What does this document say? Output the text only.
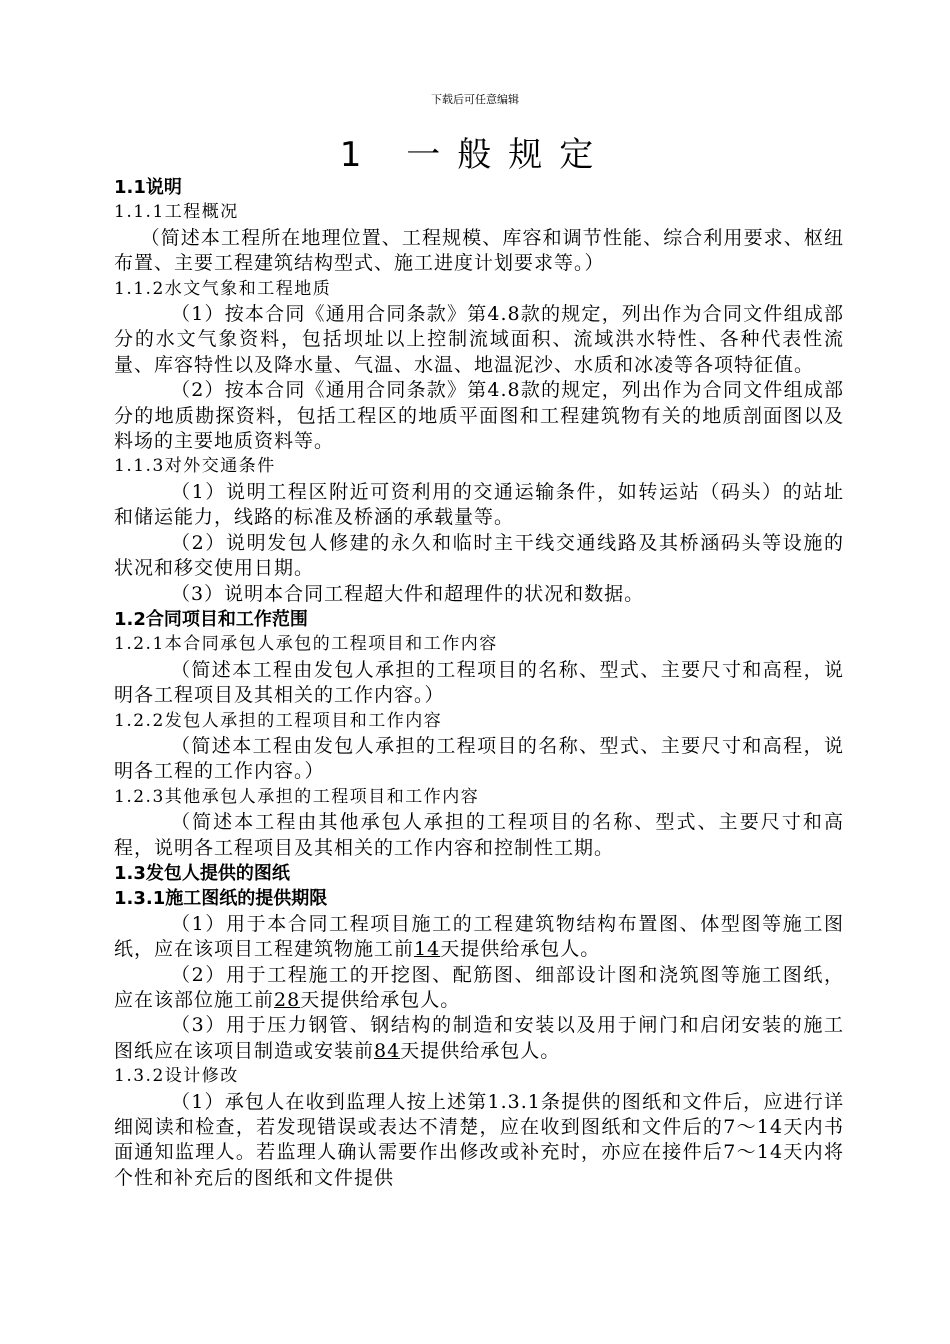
下载后可任意编辑
1 一般规定
1.1说明
1.1.1工程概况
（简述本工程所在地理位置、工程规模、库容和调节性能、综合利用要求、枢纽布置、主要工程建筑结构型式、施工进度计划要求等。）
1.1.2水文气象和工程地质
（1）按本合同《通用合同条款》第4.8款的规定，列出作为合同文件组成部分的水文气象资料，包括坝址以上控制流域面积、流域洪水特性、各种代表性流量、库容特性以及降水量、气温、水温、地温泥沙、水质和冰凌等各项特征值。
（2）按本合同《通用合同条款》第4.8款的规定，列出作为合同文件组成部分的地质勘探资料，包括工程区的地质平面图和工程建筑物有关的地质剖面图以及料场的主要地质资料等。
1.1.3对外交通条件
（1）说明工程区附近可资利用的交通运输条件，如转运站（码头）的站址和储运能力，线路的标准及桥涵的承载量等。
（2）说明发包人修建的永久和临时主干线交通线路及其桥涵码头等设施的状况和移交使用日期。
（3）说明本合同工程超大件和超理件的状况和数据。
1.2合同项目和工作范围
1.2.1本合同承包人承包的工程项目和工作内容
（简述本工程由发包人承担的工程项目的名称、型式、主要尺寸和高程，说明各工程项目及其相关的工作内容。）
1.2.2发包人承担的工程项目和工作内容
（简述本工程由发包人承担的工程项目的名称、型式、主要尺寸和高程，说明各工程的工作内容。）
1.2.3其他承包人承担的工程项目和工作内容
（简述本工程由其他承包人承担的工程项目的名称、型式、主要尺寸和高程，说明各工程项目及其相关的工作内容和控制性工期。
1.3发包人提供的图纸
1.3.1施工图纸的提供期限
（1）用于本合同工程项目施工的工程建筑物结构布置图、体型图等施工图纸，应在该项目工程建筑物施工前14天提供给承包人。
（2）用于工程施工的开挖图、配筋图、细部设计图和浇筑图等施工图纸，应在该部位施工前28天提供给承包人。
（3）用于压力钢管、钢结构的制造和安装以及用于闸门和启闭安装的施工图纸应在该项目制造或安装前84天提供给承包人。
1.3.2设计修改
（1）承包人在收到监理人按上述第1.3.1条提供的图纸和文件后，应进行详细阅读和检查，若发现错误或表达不清楚，应在收到图纸和文件后的7～14天内书面通知监理人。若监理人确认需要作出修改或补充时，亦应在接件后7～14天内将个性和补充后的图纸和文件提供
